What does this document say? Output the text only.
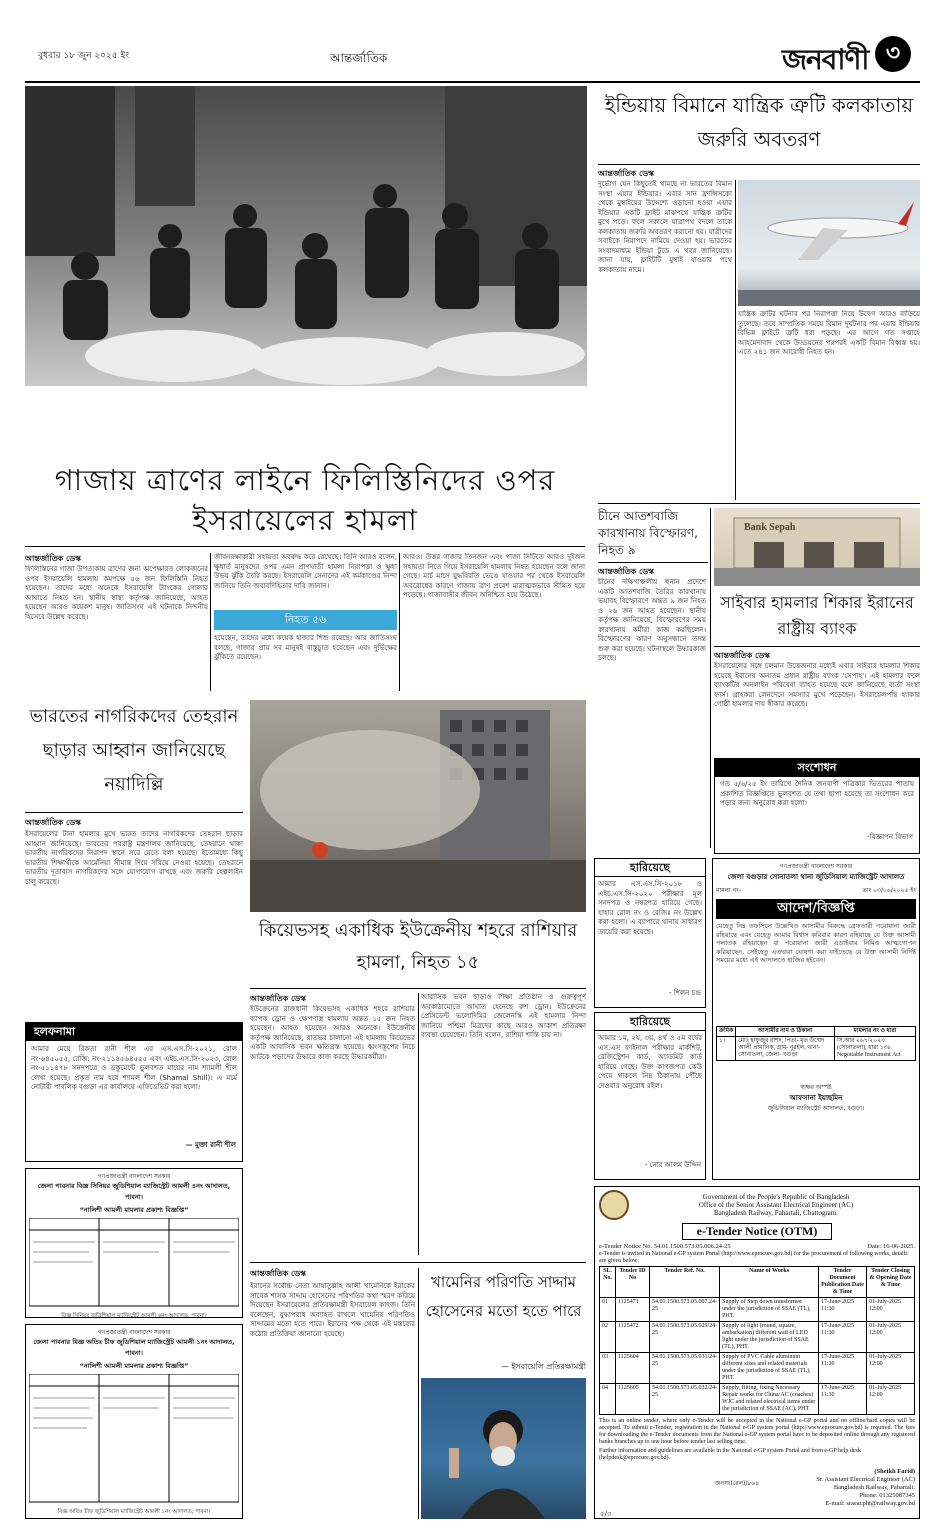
বুধবার ১৮ জুন ২০২৫ ইং	আন্তর্জাতিক	জনবাণী ৩
গাজায় ত্রাণের লাইনে ফিলিস্তিনিদের ওপর ইসরায়েলের হামলা
আন্তর্জাতিক ডেস্ক
ফিলিস্তিনের গাজা উপত্যকায় ত্রাণের জন্য অপেক্ষারত লোকজনের ওপর ইসরায়েলি হামলায় কমপক্ষে ৫৬ জন ফিলিস্তিনি নিহত হয়েছেন। তাদের মধ্যে অনেকে ইসরায়েলি ট্যাংকের গোলার আঘাতে নিহত হন। স্থানীয় স্বাস্থ্য কর্তৃপক্ষ জানিয়েছে, আহত হয়েছেন আরও কয়েকশ মানুষ। জাতিসংঘ এই ঘটনাকে নিন্দনীয় হিসেবে উল্লেখ করেছে।
জীবনরক্ষাকারী সহায়তা অবরুদ্ধ করে রেখেছে। তিনি আরও বলেন, ক্ষুধার্ত মানুষদের ওপর এমন প্রাণঘাতী হামলা নিরাপত্তা ও ক্ষুধা উভয় ঝুঁকি তৈরি করছে। ইসরায়েলি সেনাদের এই কর্মকাণ্ডের নিন্দা জানিয়ে তিনি জবাবদিহিতার দাবি জানান।
নিহত ৫৬
হয়েছেন, তাদের মধ্যে কয়েক হাজার শিশু রয়েছে। আর জাতিসংঘ বলছে, গাজার প্রায় সব মানুষই বাস্তুচ্যুত হয়েছেন এবং দুর্ভিক্ষের ঝুঁকিতে রয়েছেন।
আরও। উত্তর গাজার তিনজন এবং গাজা সিটিতে আরও দুইজন সহায়তা নিতে গিয়ে ইসরায়েলি হামলায় নিহত হয়েছেন বলে জানা গেছে। মার্চ মাসে যুদ্ধবিরতি ভেঙে যাওয়ার পর থেকে ইসরায়েলি অবরোধের কারণে গাজায় ত্রাণ প্রবেশ মারাত্মকভাবে সীমিত হয়ে পড়েছে। গাজাবাসীর জীবন অনিশ্চিত হয়ে উঠেছে।
ইন্ডিয়ায় বিমানে যান্ত্রিক ত্রুটি কলকাতায় জরুরি অবতরণ
আন্তর্জাতিক ডেস্ক
দুর্ভোগ যেন কিছুতেই থামছে না ভারতের বিমান সংস্থা এয়ার ইন্ডিয়ার। এবার সান ফ্রান্সিসকো থেকে মুম্বাইয়ের উদ্দেশ্যে ওড়ানো হওয়া এয়ার ইন্ডিয়ার একটি ফ্লাইট মাঝপথে যান্ত্রিক ত্রুটির মুখে পড়ে। ফলে সকালে যাত্রাপথ বদলে তাকে কলকাতায় জরুরি অবতরণ করানো হয়। যাত্রীদের সবাইকে নিরাপদে নামিয়ে দেওয়া হয়। ভারতের সংবাদমাধ্যম ইন্ডিয়া টুডে এ খবর জানিয়েছে। জানা যায়, ফ্লাইটটি মুম্বাই যাওয়ার পথে কলকাতায় নামে।
যান্ত্রিক ত্রুটির ঘটনার পর নিরাপত্তা নিয়ে উদ্বেগ আরও বাড়িয়ে তুলেছে। তবে সাম্প্রতিক সময়ে বিমান দুর্ঘটনার পর এয়ার ইন্ডিয়ার বিভিন্ন ফ্লাইটে ত্রুটি ধরা পড়ছে। এর আগে গত সপ্তাহে আহমেদাবাদ থেকে উড্ডয়নের পরপরই একটি বিমান বিধ্বস্ত হয়। এতে ২৪১ জন আরোহী নিহত হন।
চীনে আতশবাজি কারখানায় বিস্ফোরণ, নিহত ৯
আন্তর্জাতিক ডেস্ক
চীনের দক্ষিণাঞ্চলীয় হুনান প্রদেশে একটি আতশবাজি তৈরির কারখানায় ভয়াবহ বিস্ফোরণে অন্তত ৯ জন নিহত ও ২৬ জন আহত হয়েছেন। স্থানীয় কর্তৃপক্ষ জানিয়েছে, বিস্ফোরণের সময় কারখানায় কর্মীরা কাজ করছিলেন। বিস্ফোরণের কারণ অনুসন্ধানে তদন্ত শুরু করা হয়েছে। ঘটনাস্থলে উদ্ধারকাজ চলছে।
Bank Sepah
সাইবার হামলার শিকার ইরানের রাষ্ট্রীয় ব্যাংক
আন্তর্জাতিক ডেস্ক
ইসরায়েলের সঙ্গে চলমান উত্তেজনার মধ্যেই এবার সাইবার হামলার শিকার হয়েছে ইরানের অন্যতম প্রধান রাষ্ট্রীয় ব্যাংক 'সেপাহ'। এই হামলার ফলে ব্যাংকটির অনলাইন পরিষেবা ব্যাহত হয়েছে বলে জানিয়েছে বার্তা সংস্থা ফার্স। গ্রাহকরা লেনদেনে সমস্যার মুখে পড়েছেন। ইসরায়েলপন্থি হ্যাকার গোষ্ঠী হামলার দায় স্বীকার করেছে।
সংশোধন
গত ৫/৬/২৫ ইং তারিখে দৈনিক জনবাণী পত্রিকার ভিতরের পাতায় প্রকাশিত বিজ্ঞপ্তিতে ভুলবশত যে তথ্য ছাপা হয়েছে তা সংশোধন করে পড়ার জন্য অনুরোধ করা হলো।
-বিজ্ঞাপন বিভাগ
ভারতের নাগরিকদের তেহরান ছাড়ার আহ্বান জানিয়েছে নয়াদিল্লি
আন্তর্জাতিক ডেস্ক
ইসরায়েলের টানা হামলার মুখে ভারত তাদের নাগরিকদের তেহরান ছাড়ার আহ্বান জানিয়েছে। ভারতের পররাষ্ট্র মন্ত্রণালয় জানিয়েছে, তেহরানে থাকা ভারতীয় নাগরিকদের নিরাপদ স্থানে সরে যেতে বলা হয়েছে। ইতোমধ্যে কিছু ভারতীয় শিক্ষার্থীকে আর্মেনিয়া সীমান্ত দিয়ে সরিয়ে নেওয়া হয়েছে। তেহরানে ভারতীয় দূতাবাস নাগরিকদের সঙ্গে যোগাযোগ রাখছে এবং জরুরি হেল্পলাইন চালু করেছে।
কিয়েভসহ একাধিক ইউক্রেনীয় শহরে রাশিয়ার হামলা, নিহত ১৫
আন্তর্জাতিক ডেস্ক
ইউক্রেনের রাজধানী কিয়েভসহ একাধিক শহরে রাশিয়ার ব্যাপক ড্রোন ও ক্ষেপণাস্ত্র হামলায় অন্তত ১৫ জন নিহত হয়েছেন। আহত হয়েছেন আরও অনেকে। ইউক্রেনীয় কর্তৃপক্ষ জানিয়েছে, রাতভর চালানো এই হামলায় কিয়েভের একটি আবাসিক ভবন ক্ষতিগ্রস্ত হয়েছে। ধ্বংসস্তূপের নিচে আটকে পড়াদের উদ্ধারে কাজ করছে উদ্ধারকর্মীরা।
আবাসিক ভবন ছাড়াও শিক্ষা প্রতিষ্ঠান ও গুরুত্বপূর্ণ অবকাঠামোতে আঘাত হেনেছে রুশ ড্রোন। ইউক্রেনের প্রেসিডেন্ট ভলোদিমির জেলেনস্কি এই হামলার নিন্দা জানিয়ে পশ্চিমা মিত্রদের কাছে আরও আকাশ প্রতিরক্ষা ব্যবস্থা চেয়েছেন। তিনি বলেন, রাশিয়া শান্তি চায় না।
হারিয়েছে
আমার এস.এস.সি-২০১৮ ও এইচ.এস.সি-২০২০ পরীক্ষার মূল সনদপত্র ও নম্বরপত্র হারিয়ে গেছে। যাহার রোল নং ও রেজিঃ নং উল্লেখ করা হলো। এ ব্যাপারে থানায় সাধারণ ডায়েরি করা হয়েছে।
- শিলন চন্দ্র
হারিয়েছে
আমার ১ম, ২য়, ৩য়, ৪র্থ ও ৫ম বর্ষের এস.এস ফাইনাল পরীক্ষার মার্কশিট, রেজিস্ট্রেশন কার্ড, অ্যাডমিট কার্ড হারিয়ে গেছে। উক্ত কাগজপত্র কেউ পেয়ে থাকলে নিম্ন ঠিকানায় পৌঁছে দেওয়ার অনুরোধ রইল।
- নোর আলম উদ্দিন
গণপ্রজাতন্ত্রী বাংলাদেশ সরকার
জেলা বগুড়ার সোনাতলা থানা জুডিসিয়াল ম্যাজিস্ট্রেট আদালত
মামলা নং-	তাং ০৩/০৬/২০২৫ ইং
আদেশ/বিজ্ঞপ্তি
যেহেতু নিম্ন তফসিলে উল্লেখিত আসামীর বিরুদ্ধে গ্রেফতারী পরোয়ানা জারী রহিয়াছে এবং যেহেতু আমার বিশ্বাস করিবার কারণ রহিয়াছে যে উক্ত আসামী পলাতক রহিয়াছেন বা পরোয়ানা জারী এড়াইবার নিমিত্ত আত্মগোপন করিয়াছেন, সেইহেতু এতদ্বারা ঘোষণা করা যাইতেছে যে উক্ত আসামী নির্দিষ্ট সময়ের মধ্যে এই আদালতে হাজির হইবেন।
ক্রমিক	আসামীর নাম ও ঠিকানা	মামলার নং ও ধারা
১।	মোঃ হাফুজুর রশিদ, পিতা- মৃত উম্মেদ আলী প্রামানিক, গ্রাম- নুরইল, থানা- সোনাতলা, জেলা- বগুড়া	সি.আর ২৬৭/২০২৩ (সোনাতলা), ধারা ১৩৮ Negotiable Instrument Act
স্বাক্ষর অস্পষ্ট
আফসানা ইয়াছমিন
জুডিসিয়াল ম্যাজিস্ট্রেট আদালত, বগুড়া।
হলফনামা
আমার মেয়ে রিকতা রানী শীল এর এস.এস.সি-২০২১, রোল নং-৬৪৫০৫৫, রেজি: নং-২১১৪৫৬৪৫৫৫ এবং এইচ.এস.সি-২০২৩, রোল নং-৫১১৪৭৮ সনদপত্রে ও ডকুমেন্টে ভুলবশত মায়ের নাম শ্যামলী শীল লেখা হয়েছে। প্রকৃত নাম হবে শ্যামল শীল (Shamal Shill)। এ মর্মে নোটারী পাবলিক বগুড়া এর কার্যালয়ে এফিডেভিট করা হলো।
— মুক্তা রানী শীল
গণপ্রজাতন্ত্রী বাংলাদেশ সরকার
জেলা পাবনার বিজ্ঞ সিনিয়র জুডিশিয়াল ম্যাজিস্ট্রেট আমলী ৪নং আদালত, পাবনা।
“নালিশী আমলী মামলার প্রকাশ্য বিজ্ঞপ্তি”
বিজ্ঞ সিনিয়র জুডিশিয়াল ম্যাজিস্ট্রেট আমলী ৪নং আদালত, পাবনা।
গণপ্রজাতন্ত্রী বাংলাদেশ সরকার
জেলা পাবনার বিজ্ঞ অতিঃ চীফ জুডিশিয়াল ম্যাজিস্ট্রেট আমলী ১নং আদালত, পাবনা।
“নালিশী আমলী মামলার প্রকাশ্য বিজ্ঞপ্তি”
বিজ্ঞ অতিঃ চীফ জুডিশিয়াল ম্যাজিস্ট্রেট আমলী ১নং আদালত, পাবনা।
আন্তর্জাতিক ডেস্ক
ইরানের সর্বোচ্চ নেতা আয়াতুল্লাহ আলী খামেনিকে ইরাকের সাবেক শাসক সাদ্দাম হোসেনের পরিণতির কথা স্মরণ করিয়ে দিয়েছেন ইসরায়েলের প্রতিরক্ষামন্ত্রী ইসরায়েল কাৎজ। তিনি বলেছেন, যুদ্ধাপরাধ অব্যাহত রাখলে খামেনির পরিণতিও সাদ্দামের মতো হতে পারে। ইরানের পক্ষ থেকে এই মন্তব্যের কঠোর প্রতিক্রিয়া জানানো হয়েছে।
খামেনির পরিণতি সাদ্দাম হোসেনের মতো হতে পারে
— ইসরায়েলি প্রতিরক্ষামন্ত্রী
Government of the People's Republic of Bangladesh
Office of the Senior Assistant Electrical Engineer (AC)
Bangladesh Railway, Pahartali, Chattogram.
e-Tender Notice (OTM)
e-Tender Notice No. 54.01.1500.573.05.006.24-25	Date: 16-06-2025.
e-Tender is invited in National e-GP system Portal (http://www.eprocure.gov.bd) for the procurement of following works, details are given below:
SL. No.	Tender ID No	Tender Ref. No.	Name of Works	Tender Document Publication Date & Time	Tender Closing & Opening Date & Time
01	1125471	54.01.1500.573.05.007.24-25	Supply of Step down transformer under the jurisdiction of SSAE (TL), PHT.	17-June-2025 11:30	01-July-2025 12:00
02	1125472	54.01.1500.573.05.029/24-25	Supply of light (round, square, ambarkation) different watt of LED light under the jurisdiction of SSAE (TL), PHT.	17-June-2025 11:30	01-July-2025 12:00
03	1125604	54.01.1500.573.05.031/24-25	Supply of PVC Cable aluminum different sizes and related materials under the jurisdiction of SSAE (TL), PHT.	17-June-2025 11:30	01-July-2025 12:00
04	1125605	54.01.1500.573.05.032/24-25	Supply, fitting, fixing Necessary Repair works for China/AC (coaches) WJC and related electrical items under the jurisdiction of SSAE (AC), PHT.	17-June-2025 11:30	01-July-2025 12:00
This is an online tender, where only e-Tender will be accepted in the National e-GP portal and no offline/hard copies will be accepted. To submit e-Tender, registration in the National e-GP system portal (http://www.eprocure.gov.bd) is required. The fees for downloading the e-Tender documents from the National e-GP system portal have to be deposited online through any registered banks branches up to one hour before tender last selling time.
Further information and guidelines are available in the National e-GP system Portal and from e-GP help desk (helpdesk@eprocure.gov.bd).
(Sheikh Farid)
Sr. Assistant Electrical Engineer (AC)
Bangladesh Railway, Pahartali.
Phone: 01325087345
E-mail: sraeacpht@railway.gov.bd
জনসং(রেল)/৮৬৪
৫/৩
